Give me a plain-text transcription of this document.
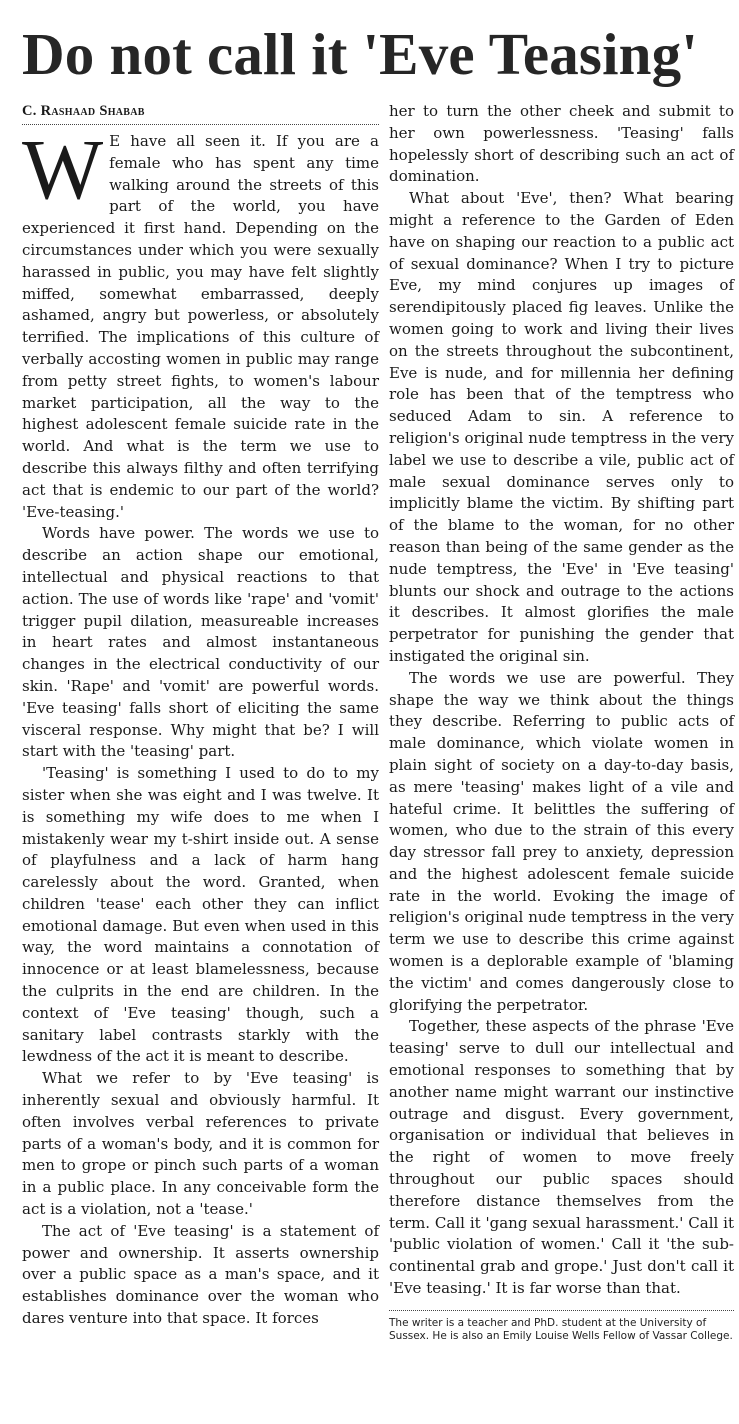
Do not call it 'Eve Teasing'
C. Rashaad Shabab

W E have all seen it. If you are a female who has spent any time walking around the streets of this part of the world, you have experienced it first hand. Depending on the circumstances under which you were sexually harassed in public, you may have felt slightly miffed, somewhat embarrassed, deeply ashamed, angry but powerless, or absolutely terrified. The implications of this culture of verbally accosting women in public may range from petty street fights, to women's labour market participation, all the way to the highest adolescent female suicide rate in the world. And what is the term we use to describe this always filthy and often terrifying act that is endemic to our part of the world? 'Eve-teasing.'

Words have power. The words we use to describe an action shape our emotional, intellectual and physical reactions to that action. The use of words like 'rape' and 'vomit' trigger pupil dilation, measureable increases in heart rates and almost instantaneous changes in the electrical conductivity of our skin. 'Rape' and 'vomit' are powerful words. 'Eve teasing' falls short of eliciting the same visceral response. Why might that be? I will start with the 'teasing' part.

'Teasing' is something I used to do to my sister when she was eight and I was twelve. It is something my wife does to me when I mistakenly wear my t-shirt inside out. A sense of playfulness and a lack of harm hang carelessly about the word. Granted, when children 'tease' each other they can inflict emotional damage. But even when used in this way, the word maintains a connotation of innocence or at least blamelessness, because the culprits in the end are children. In the context of 'Eve teasing' though, such a sanitary label contrasts starkly with the lewdness of the act it is meant to describe.

What we refer to by 'Eve teasing' is inherently sexual and obviously harmful. It often involves verbal references to private parts of a woman's body, and it is common for men to grope or pinch such parts of a woman in a public place. In any conceivable form the act is a violation, not a 'tease.'

The act of 'Eve teasing' is a statement of power and ownership. It asserts ownership over a public space as a man's space, and it establishes dominance over the woman who dares venture into that space. It forces

her to turn the other cheek and submit to her own powerlessness. 'Teasing' falls hopelessly short of describing such an act of domination.

What about 'Eve', then? What bearing might a reference to the Garden of Eden have on shaping our reaction to a public act of sexual dominance? When I try to picture Eve, my mind conjures up images of serendipitously placed fig leaves. Unlike the women going to work and living their lives on the streets throughout the subcontinent, Eve is nude, and for millennia her defining role has been that of the temptress who seduced Adam to sin. A reference to religion's original nude temptress in the very label we use to describe a vile, public act of male sexual dominance serves only to implicitly blame the victim. By shifting part of the blame to the woman, for no other reason than being of the same gender as the nude temptress, the 'Eve' in 'Eve teasing' blunts our shock and outrage to the actions it describes. It almost glorifies the male perpetrator for punishing the gender that instigated the original sin.

The words we use are powerful. They shape the way we think about the things they describe. Referring to public acts of male dominance, which violate women in plain sight of society on a day-to-day basis, as mere 'teasing' makes light of a vile and hateful crime. It belittles the suffering of women, who due to the strain of this every day stressor fall prey to anxiety, depression and the highest adolescent female suicide rate in the world. Evoking the image of religion's original nude temptress in the very term we use to describe this crime against women is a deplorable example of 'blaming the victim' and comes dangerously close to glorifying the perpetrator.

Together, these aspects of the phrase 'Eve teasing' serve to dull our intellectual and emotional responses to something that by another name might warrant our instinctive outrage and disgust. Every government, organisation or individual that believes in the right of women to move freely throughout our public spaces should therefore distance themselves from the term. Call it 'gang sexual harassment.' Call it 'public violation of women.' Call it 'the sub-continental grab and grope.' Just don't call it 'Eve teasing.' It is far worse than that.

The writer is a teacher and PhD. student at the University of Sussex. He is also an Emily Louise Wells Fellow of Vassar College.
